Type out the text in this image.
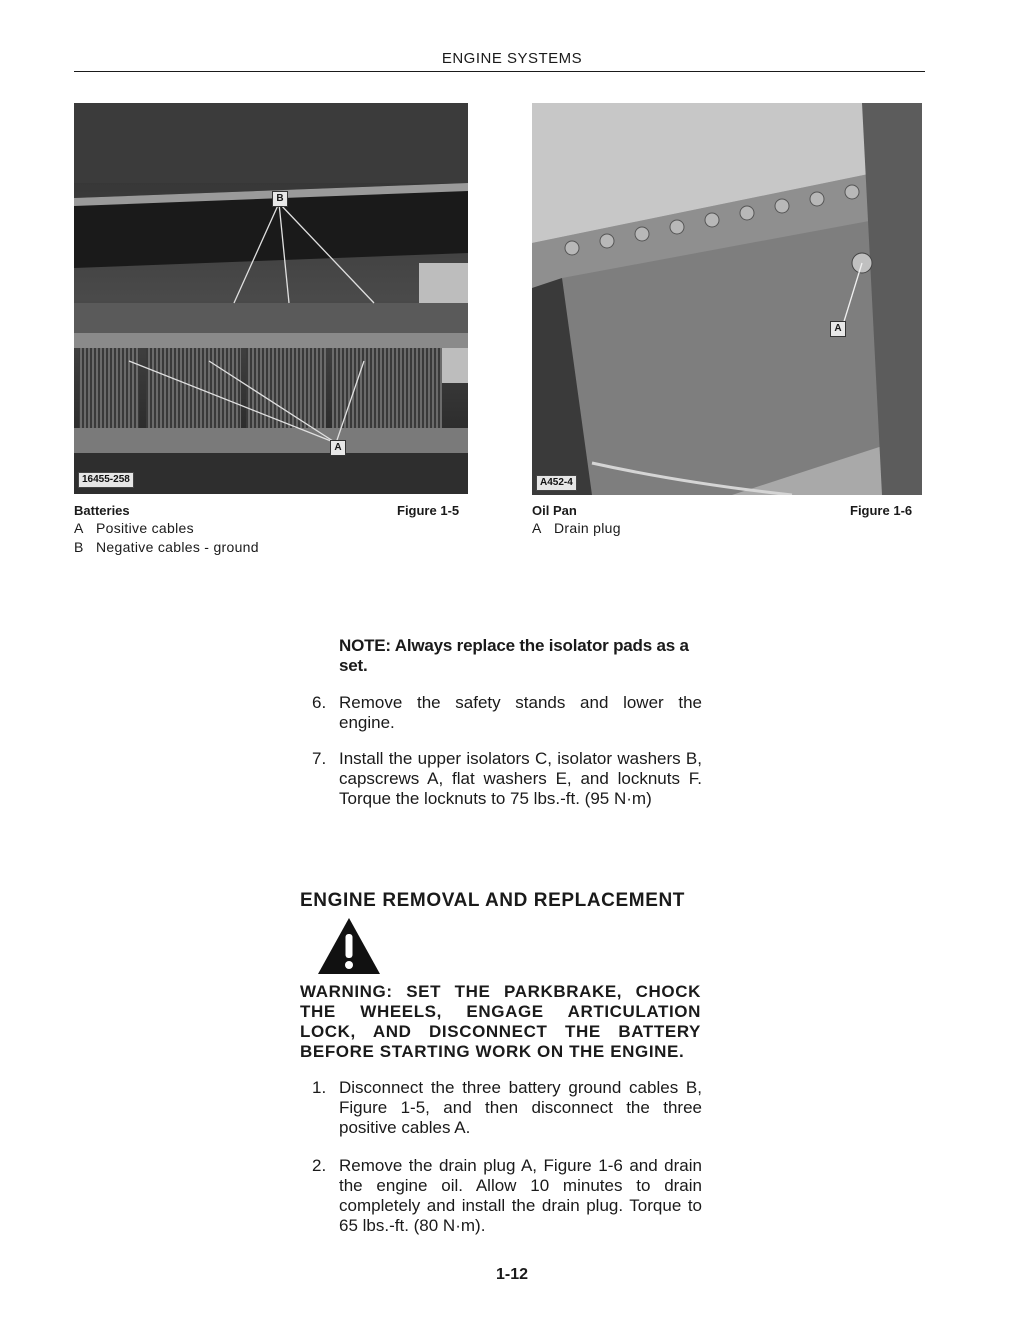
ENGINE SYSTEMS
B
A
16455-258
A
A452-4
Batteries	Figure 1-5
A Positive cables
B Negative cables - ground
Oil Pan	Figure 1-6
A Drain plug
NOTE: Always replace the isolator pads as a set.
6. Remove the safety stands and lower the engine.
7. Install the upper isolators C, isolator washers B, capscrews A, flat washers E, and locknuts F. Torque the locknuts to 75 lbs.-ft. (95 N·m)
ENGINE REMOVAL AND REPLACEMENT
WARNING: SET THE PARKBRAKE, CHOCK THE WHEELS, ENGAGE ARTICULATION LOCK, AND DISCONNECT THE BATTERY BEFORE STARTING WORK ON THE ENGINE.
1. Disconnect the three battery ground cables B, Figure 1-5, and then disconnect the three positive cables A.
2. Remove the drain plug A, Figure 1-6 and drain the engine oil. Allow 10 minutes to drain completely and install the drain plug. Torque to 65 lbs.-ft. (80 N·m).
1-12
